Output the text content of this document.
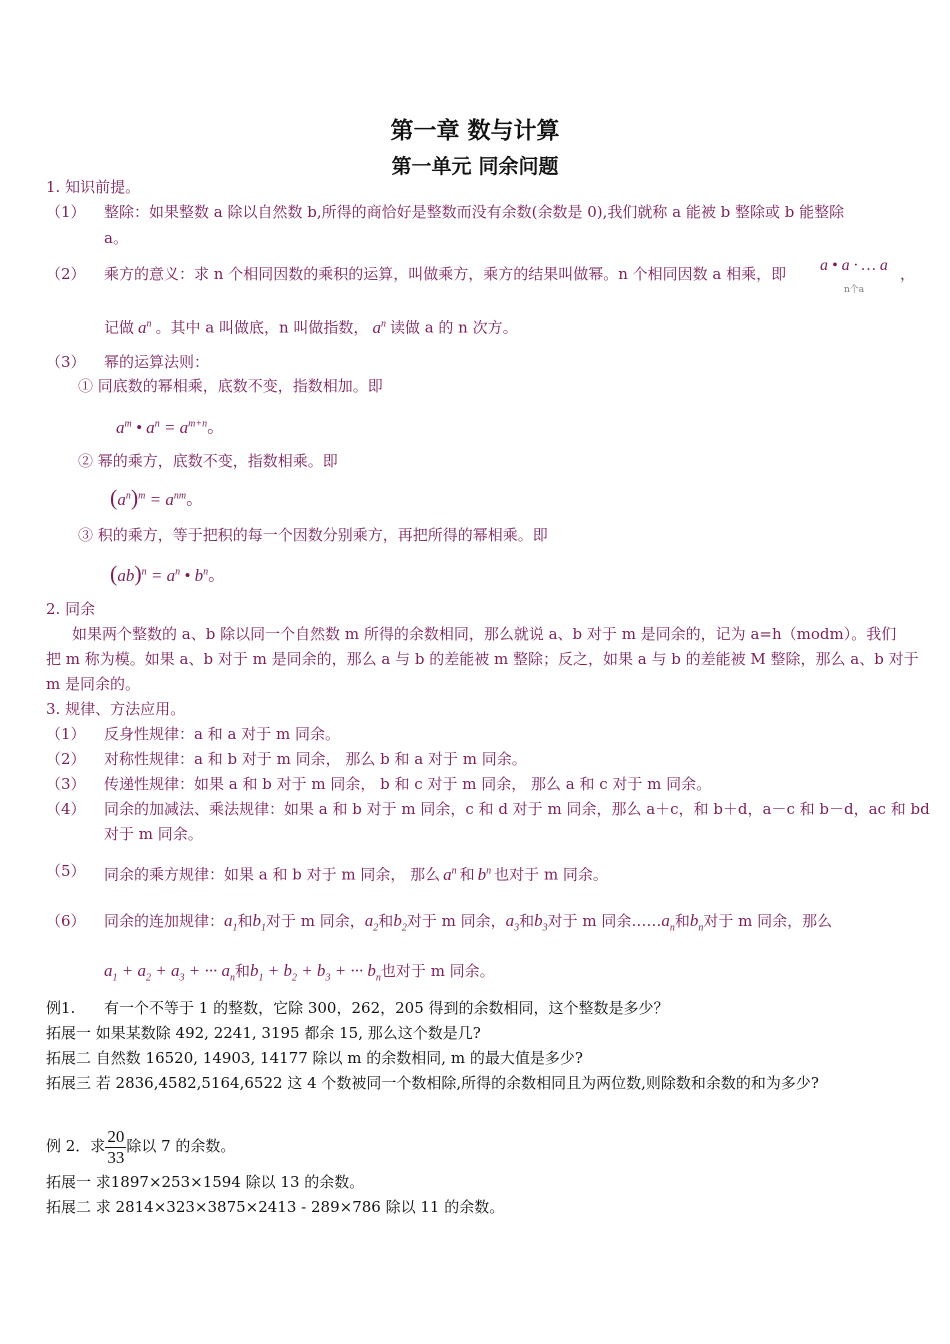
第一章 数与计算
第一单元 同余问题
1. 知识前提。
（1） 整除：如果整数 a 除以自然数 b,所得的商恰好是整数而没有余数(余数是 0),我们就称 a 能被 b 整除或 b 能整除
a。
（2） 乘方的意义：求 n 个相同因数的乘积的运算，叫做乘方，乘方的结果叫做幂。n 个相同因数 a 相乘，即 a • a · … a
n个a
，
记做 $a^n$ 。其中 a 叫做底，n 叫做指数， $a^n$ 读做 a 的 n 次方。
（3） 幂的运算法则：
① 同底数的幂相乘，底数不变，指数相加。即
$a^m$ • $a^n = a^{m+n}$。
② 幂的乘方，底数不变，指数相乘。即
$(a^n)^m = a^{nm}$。
③ 积的乘方，等于把积的每一个因数分别乘方，再把所得的幂相乘。即
$(ab)^n = a^n$ • $b^n$。
2. 同余
如果两个整数的 a、b 除以同一个自然数 m 所得的余数相同，那么就说 a、b 对于 m 是同余的，记为 a=h（modm）。我们
把 m 称为模。如果 a、b 对于 m 是同余的，那么 a 与 b 的差能被 m 整除；反之，如果 a 与 b 的差能被 M 整除，那么 a、b 对于
m 是同余的。
3. 规律、方法应用。
（1） 反身性规律：a 和 a 对于 m 同余。
（2） 对称性规律：a 和 b 对于 m 同余， 那么 b 和 a 对于 m 同余。
（3） 传递性规律：如果 a 和 b 对于 m 同余， b 和 c 对于 m 同余， 那么 a 和 c 对于 m 同余。
（4） 同余的加减法、乘法规律：如果 a 和 b 对于 m 同余，c 和 d 对于 m 同余，那么 a＋c，和 b＋d，a－c 和 b－d，ac 和 bd
对于 m 同余。
（5） 同余的乘方规律：如果 a 和 b 对于 m 同余， 那么 $a^n$ 和 $b^n$ 也对于 m 同余。
（6） 同余的连加规律：$a_1$和$b_1$对于 m 同余，$a_2$和$b_2$对于 ⅿ 同余，$a_3$和$b_3$对于 m 同余$\dots\dots a_n$和$b_n$对于 m 同余，那么
$a_1 + a_2 + a_3$ + ··· $a_n$和$b_1 + b_2 + b_3$ + ··· $b_n$也对于 m 同余。
例1. 有一个不等于 1 的整数，它除 300，262，205 得到的余数相同，这个整数是多少？
拓展一 如果某数除 492, 2241, 3195 都余 15, 那么这个数是几?
拓展二 自然数 16520, 14903, 14177 除以 m 的余数相同, m 的最大值是多少?
拓展三 若 2836,4582,5164,6522 这 4 个数被同一个数相除,所得的余数相同且为两位数,则除数和余数的和为多少?
例 2．求 $\frac{20}{33}$ 除以 7 的余数。
拓展一 求1897×253×1594 除以 13 的余数。
拓展二 求 2814×323×3875×2413 - 289×786 除以 11 的余数。
